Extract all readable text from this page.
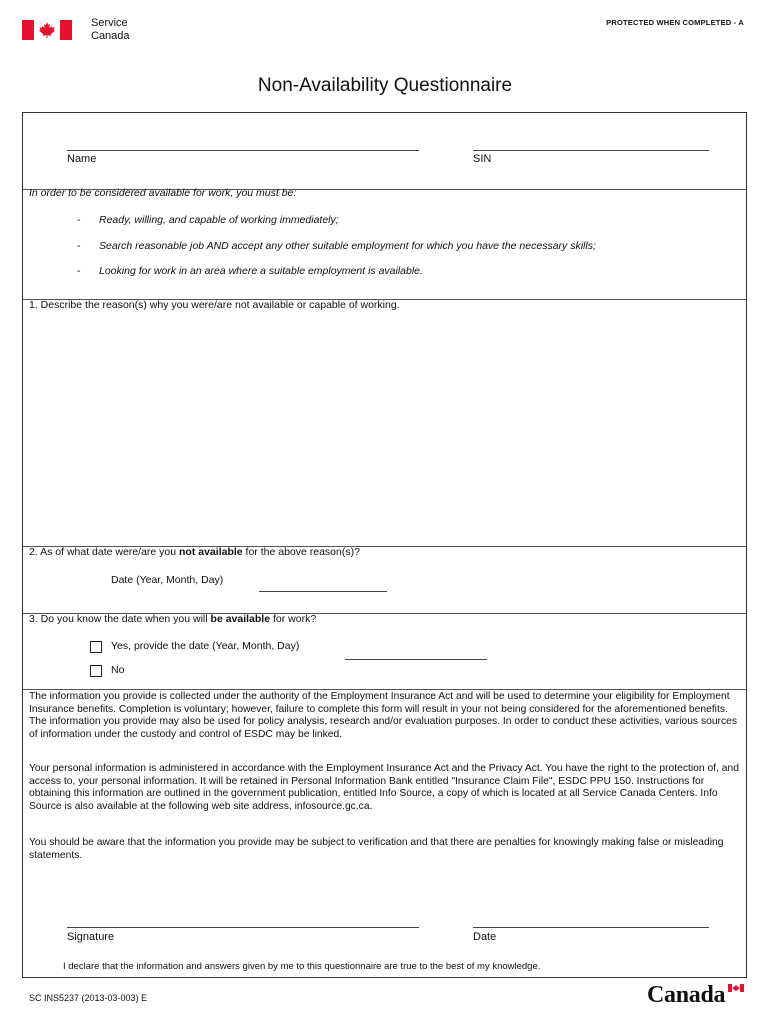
Service
Canada
PROTECTED WHEN COMPLETED - A
Non-Availability Questionnaire
Name	SIN
In order to be considered available for work, you must be:
- Ready, willing, and capable of working immediately;
- Search reasonable job AND accept any other suitable employment for which you have the necessary skills;
- Looking for work in an area where a suitable employment is available.
1. Describe the reason(s) why you were/are not available or capable of working.
2. As of what date were/are you not available for the above reason(s)?
Date (Year, Month, Day)
3. Do you know the date when you will be available for work?
Yes, provide the date (Year, Month, Day)
No

The information you provide is collected under the authority of the Employment Insurance Act and will be used to determine your eligibility for Employment Insurance benefits. Completion is voluntary; however, failure to complete this form will result in your not being considered for the aforementioned benefits. The information you provide may also be used for policy analysis, research and/or evaluation purposes. In order to conduct these activities, various sources of information under the custody and control of ESDC may be linked.

Your personal information is administered in accordance with the Employment Insurance Act and the Privacy Act. You have the right to the protection of, and access to, your personal information. It will be retained in Personal Information Bank entitled "Insurance Claim File", ESDC PPU 150. Instructions for obtaining this information are outlined in the government publication, entitled Info Source, a copy of which is located at all Service Canada Centers. Info Source is also available at the following web site address, infosource.gc.ca.

You should be aware that the information you provide may be subject to verification and that there are penalties for knowingly making false or misleading statements.

Signature	Date
I declare that the information and answers given by me to this questionnaire are true to the best of my knowledge.
SC INS5237 (2013-03-003) E	Canada
